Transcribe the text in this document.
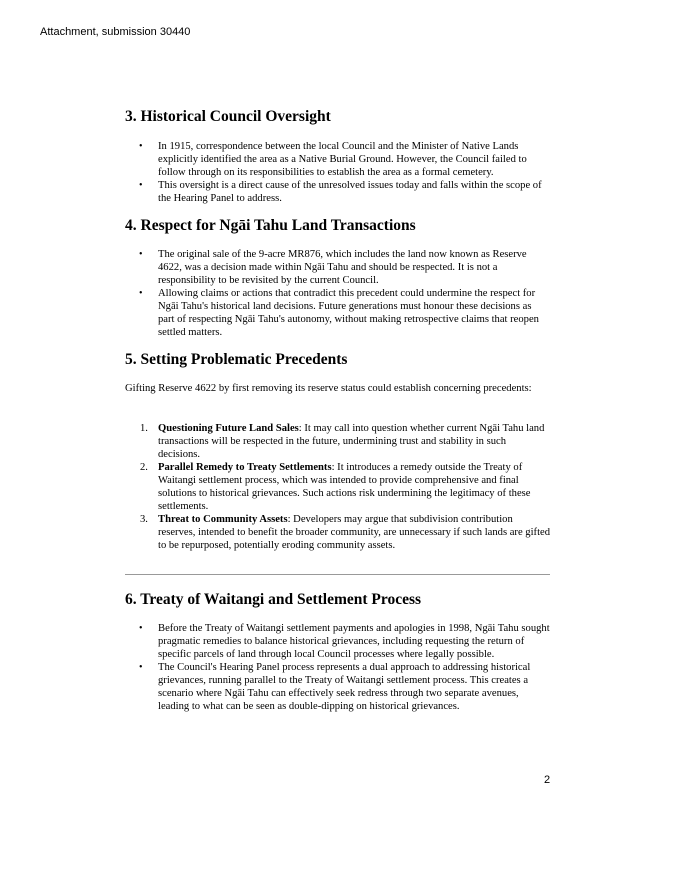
Attachment, submission 30440
3. Historical Council Oversight
• In 1915, correspondence between the local Council and the Minister of Native Lands explicitly identified the area as a Native Burial Ground. However, the Council failed to follow through on its responsibilities to establish the area as a formal cemetery.
• This oversight is a direct cause of the unresolved issues today and falls within the scope of the Hearing Panel to address.
4. Respect for Ngāi Tahu Land Transactions
• The original sale of the 9-acre MR876, which includes the land now known as Reserve 4622, was a decision made within Ngāi Tahu and should be respected. It is not a responsibility to be revisited by the current Council.
• Allowing claims or actions that contradict this precedent could undermine the respect for Ngāi Tahu's historical land decisions. Future generations must honour these decisions as part of respecting Ngāi Tahu's autonomy, without making retrospective claims that reopen settled matters.
5. Setting Problematic Precedents

Gifting Reserve 4622 by first removing its reserve status could establish concerning precedents:

1. Questioning Future Land Sales: It may call into question whether current Ngāi Tahu land transactions will be respected in the future, undermining trust and stability in such decisions.
2. Parallel Remedy to Treaty Settlements: It introduces a remedy outside the Treaty of Waitangi settlement process, which was intended to provide comprehensive and final solutions to historical grievances. Such actions risk undermining the legitimacy of these settlements.
3. Threat to Community Assets: Developers may argue that subdivision contribution reserves, intended to benefit the broader community, are unnecessary if such lands are gifted to be repurposed, potentially eroding community assets.
6. Treaty of Waitangi and Settlement Process
• Before the Treaty of Waitangi settlement payments and apologies in 1998, Ngāi Tahu sought pragmatic remedies to balance historical grievances, including requesting the return of specific parcels of land through local Council processes where legally possible.
• The Council's Hearing Panel process represents a dual approach to addressing historical grievances, running parallel to the Treaty of Waitangi settlement process. This creates a scenario where Ngāi Tahu can effectively seek redress through two separate avenues, leading to what can be seen as double-dipping on historical grievances.
2
